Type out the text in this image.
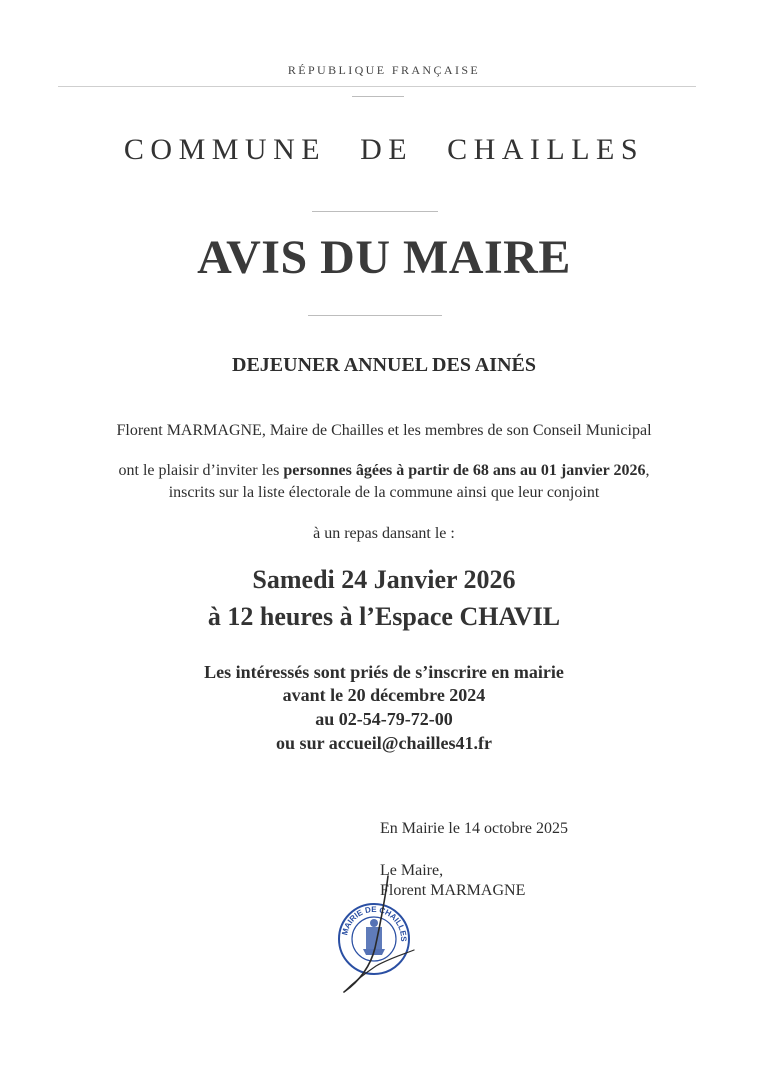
RÉPUBLIQUE FRANÇAISE
COMMUNE DE CHAILLES
AVIS DU MAIRE
DEJEUNER ANNUEL DES AINÉS
Florent MARMAGNE, Maire de Chailles et les membres de son Conseil Municipal
ont le plaisir d’inviter les personnes âgées à partir de 68 ans au 01 janvier 2026,
inscrits sur la liste électorale de la commune ainsi que leur conjoint
à un repas dansant le :
Samedi 24 Janvier 2026
à 12 heures à l’Espace CHAVIL
Les intéressés sont priés de s’inscrire en mairie
avant le 20 décembre 2024
au 02-54-79-72-00
ou sur accueil@chailles41.fr
En Mairie le 14 octobre 2025
Le Maire,
Florent MARMAGNE
MAIRIE DE CHAILLES
